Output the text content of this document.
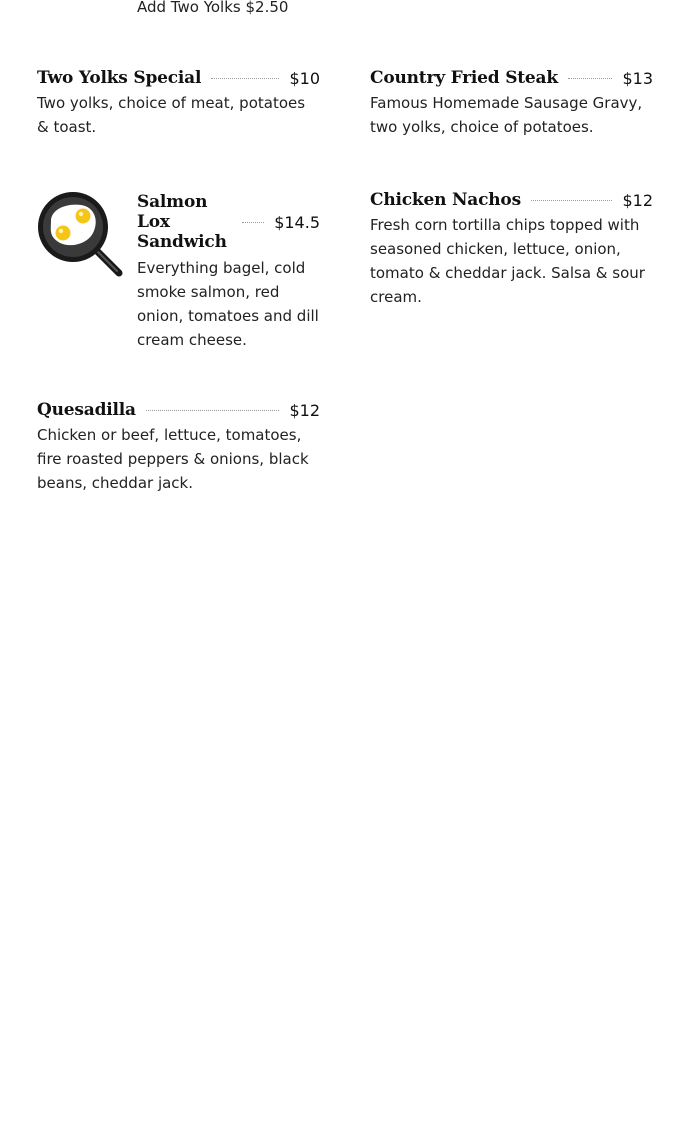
Add Two Yolks $2.50
Two Yolks Special	$10
Two yolks, choice of meat, potatoes & toast.
Country Fried Steak	$13
Famous Homemade Sausage Gravy, two yolks, choice of potatoes.
Salmon
Lox
Sandwich
$14.5
Everything bagel, cold smoke salmon, red onion, tomatoes and dill cream cheese.
Chicken Nachos	$12
Fresh corn tortilla chips topped with seasoned chicken, lettuce, onion, tomato & cheddar jack. Salsa & sour cream.
Quesadilla	$12
Chicken or beef, lettuce, tomatoes, fire roasted peppers & onions, black beans, cheddar jack.
